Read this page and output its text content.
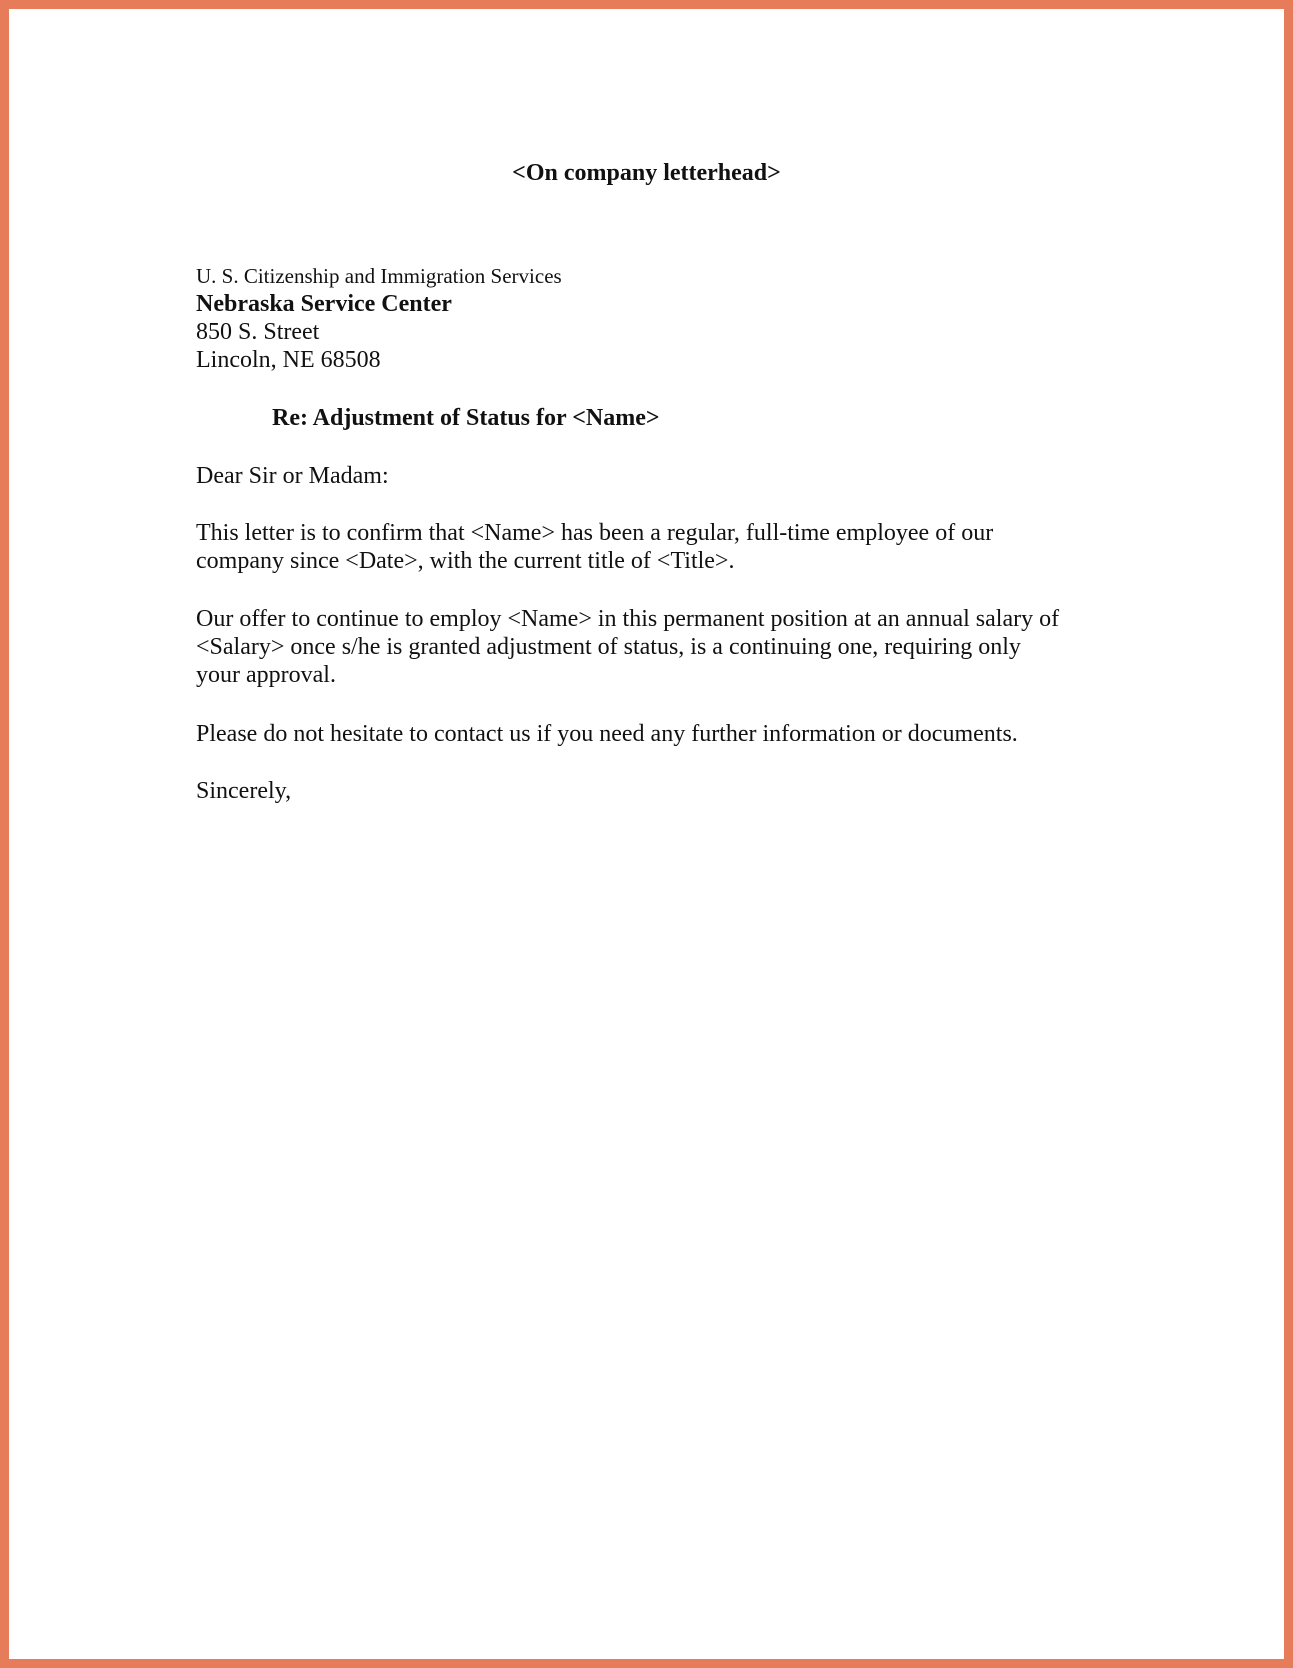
<On company letterhead>
U. S. Citizenship and Immigration Services
Nebraska Service Center
850 S. Street
Lincoln, NE 68508
Re: Adjustment of Status for <Name>
Dear Sir or Madam:
This letter is to confirm that <Name> has been a regular, full-time employee of our
company since <Date>, with the current title of <Title>.
Our offer to continue to employ <Name> in this permanent position at an annual salary of
<Salary> once s/he is granted adjustment of status, is a continuing one, requiring only
your approval.
Please do not hesitate to contact us if you need any further information or documents.
Sincerely,
